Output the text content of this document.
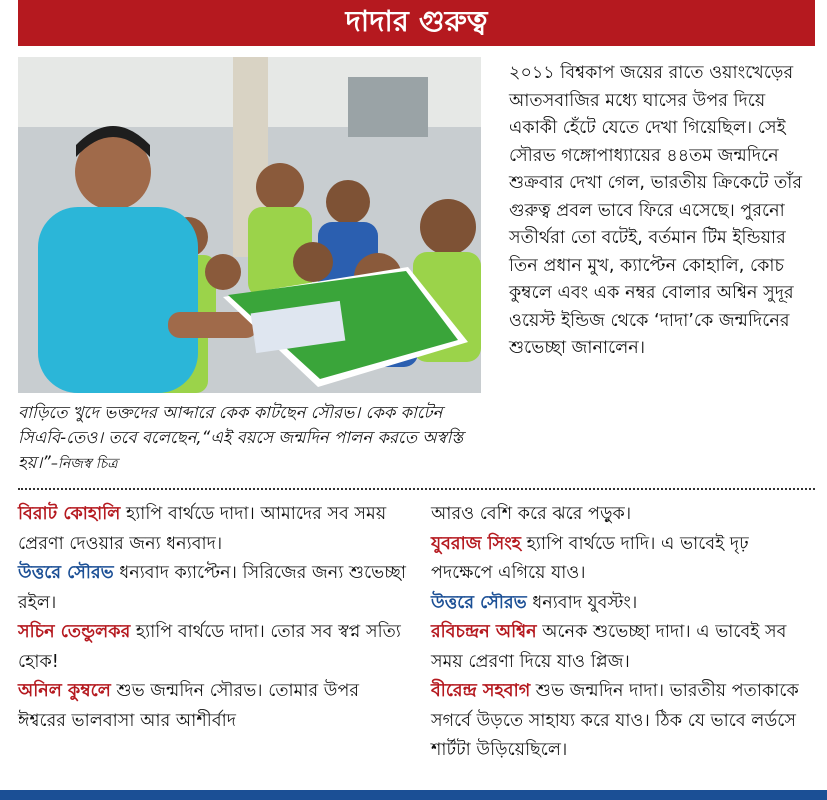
দাদার গুরুত্ব
বাড়িতে খুদে ভক্তদের আব্দারে কেক কাটছেন সৌরভ। কেক কাটেন সিএবি-তেও। তবে বলেছেন,“এই বয়সে জন্মদিন পালন করতে অস্বস্তি হয়।”–নিজস্ব চিত্র
২০১১ বিশ্বকাপ জয়ের রাতে ওয়াংখেড়ের আতসবাজির মধ্যে ঘাসের উপর দিয়ে একাকী হেঁটে যেতে দেখা গিয়েছিল। সেই সৌরভ গঙ্গোপাধ্যায়ের ৪৪তম জন্মদিনে শুক্রবার দেখা গেল, ভারতীয় ক্রিকেটে তাঁর গুরুত্ব প্রবল ভাবে ফিরে এসেছে। পুরনো সতীর্থরা তো বটেই, বর্তমান টিম ইন্ডিয়ার তিন প্রধান মুখ, ক্যাপ্টেন কোহালি, কোচ কুম্বলে এবং এক নম্বর বোলার অশ্বিন সুদূর ওয়েস্ট ইন্ডিজ থেকে ‘দাদা’কে জন্মদিনের শুভেচ্ছা জানালেন।
বিরাট কোহালি হ্যাপি বার্থডে দাদা। আমাদের সব সময় প্রেরণা দেওয়ার জন্য ধন্যবাদ।
উত্তরে সৌরভ ধন্যবাদ ক্যাপ্টেন। সিরিজের জন্য শুভেচ্ছা রইল।
সচিন তেন্ডুলকর হ্যাপি বার্থডে দাদা। তোর সব স্বপ্ন সত্যি হোক!
অনিল কুম্বলে শুভ জন্মদিন সৌরভ। তোমার উপর ঈশ্বরের ভালবাসা আর আশীর্বাদ
আরও বেশি করে ঝরে পড়ুক।
যুবরাজ সিংহ হ্যাপি বার্থডে দাদি। এ ভাবেই দৃঢ় পদক্ষেপে এগিয়ে যাও।
উত্তরে সৌরভ ধন্যবাদ যুবস্টং।
রবিচন্দ্রন অশ্বিন অনেক শুভেচ্ছা দাদা। এ ভাবেই সব সময় প্রেরণা দিয়ে যাও প্লিজ।
বীরেন্দ্র সহবাগ শুভ জন্মদিন দাদা। ভারতীয় পতাকাকে সগর্বে উড়তে সাহায্য করে যাও। ঠিক যে ভাবে লর্ডসে শার্টটা উড়িয়েছিলে।
